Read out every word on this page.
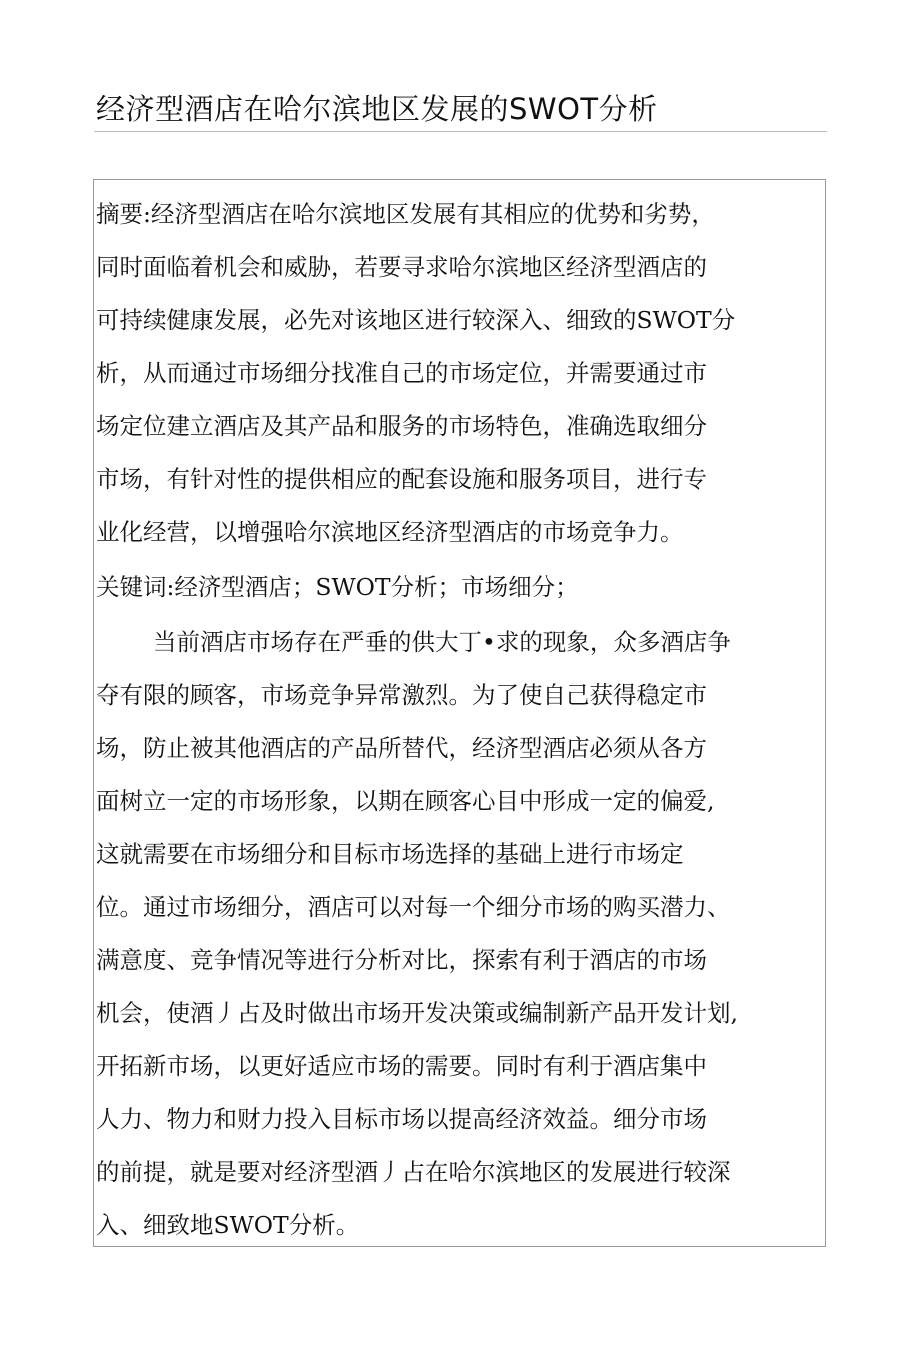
经济型酒店在哈尔滨地区发展的SWOT分析
摘要:经济型酒店在哈尔滨地区发展有其相应的优势和劣势，
同时面临着机会和威胁，若要寻求哈尔滨地区经济型酒店的
可持续健康发展，必先对该地区进行较深入、细致的SWOT分
析，从而通过市场细分找准自己的市场定位，并需要通过市
场定位建立酒店及其产品和服务的市场特色，准确选取细分
市场，有针对性的提供相应的配套设施和服务项目，进行专
业化经营，以增强哈尔滨地区经济型酒店的市场竞争力。
关键词:经济型酒店；SWOT分析；市场细分；
当前酒店市场存在严垂的供大丁•求的现象，众多酒店争
夺有限的顾客，市场竞争异常激烈。为了使自己获得稳定市
场，防止被其他酒店的产品所替代，经济型酒店必须从各方
面树立一定的市场形象，以期在顾客心目中形成一定的偏爱,
这就需要在市场细分和目标市场选择的基础上进行市场定
位。通过市场细分，酒店可以对每一个细分市场的购买潜力、
满意度、竞争情况等进行分析对比，探索有利于酒店的市场
机会，使酒丿占及时做出市场开发决策或编制新产品开发计划,
开拓新市场，以更好适应市场的需要。同时有利于酒店集中
人力、物力和财力投入目标市场以提高经济效益。细分市场
的前提，就是要对经济型酒丿占在哈尔滨地区的发展进行较深
入、细致地SWOT分析。
